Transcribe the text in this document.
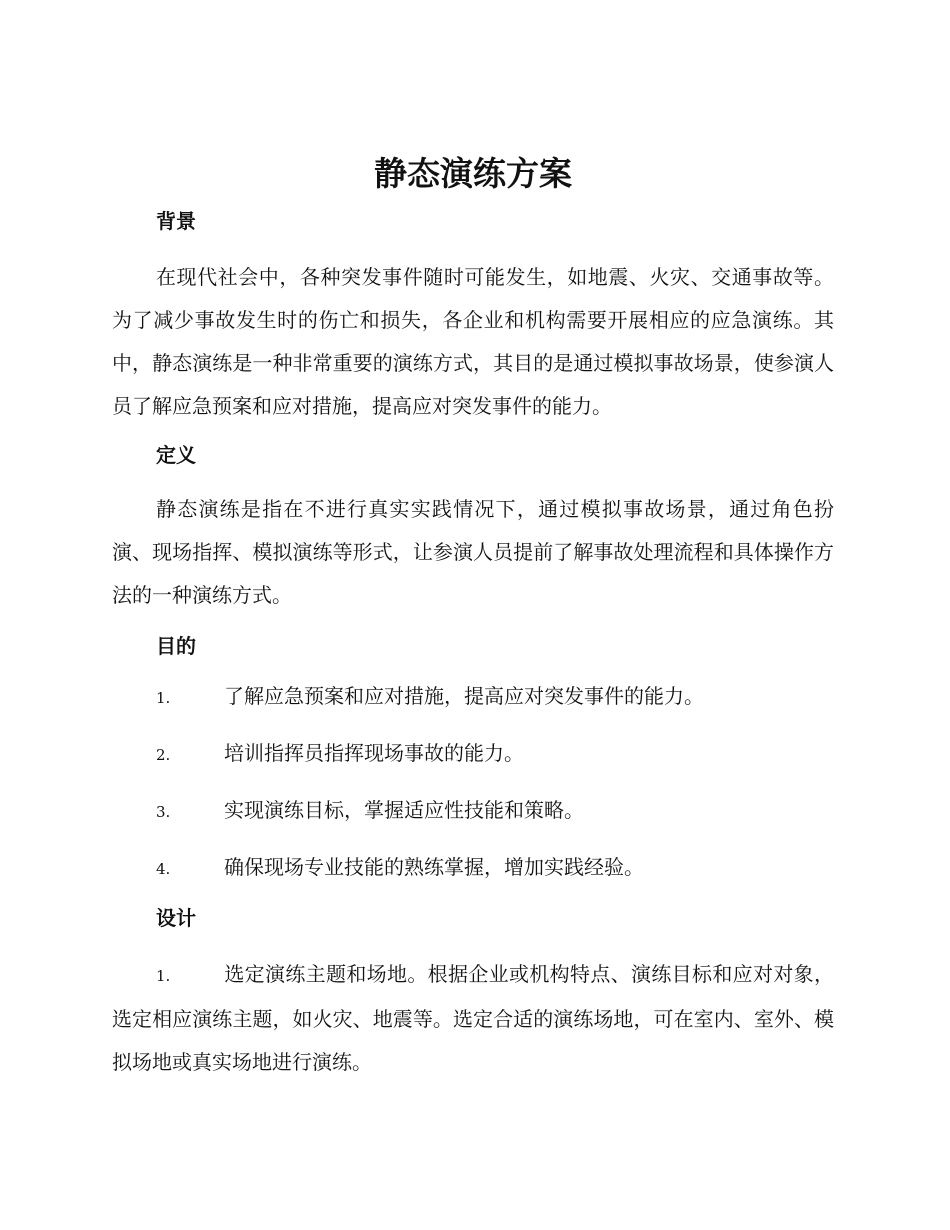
静态演练方案
背景

在现代社会中，各种突发事件随时可能发生，如地震、火灾、交通事故等。为了减少事故发生时的伤亡和损失，各企业和机构需要开展相应的应急演练。其中，静态演练是一种非常重要的演练方式，其目的是通过模拟事故场景，使参演人员了解应急预案和应对措施，提高应对突发事件的能力。

定义

静态演练是指在不进行真实实践情况下，通过模拟事故场景，通过角色扮演、现场指挥、模拟演练等形式，让参演人员提前了解事故处理流程和具体操作方法的一种演练方式。

目的
1.	了解应急预案和应对措施，提高应对突发事件的能力。
2.	培训指挥员指挥现场事故的能力。
3.	实现演练目标，掌握适应性技能和策略。
4.	确保现场专业技能的熟练掌握，增加实践经验。
设计

1.	选定演练主题和场地。根据企业或机构特点、演练目标和应对对象，选定相应演练主题，如火灾、地震等。选定合适的演练场地，可在室内、室外、模拟场地或真实场地进行演练。
